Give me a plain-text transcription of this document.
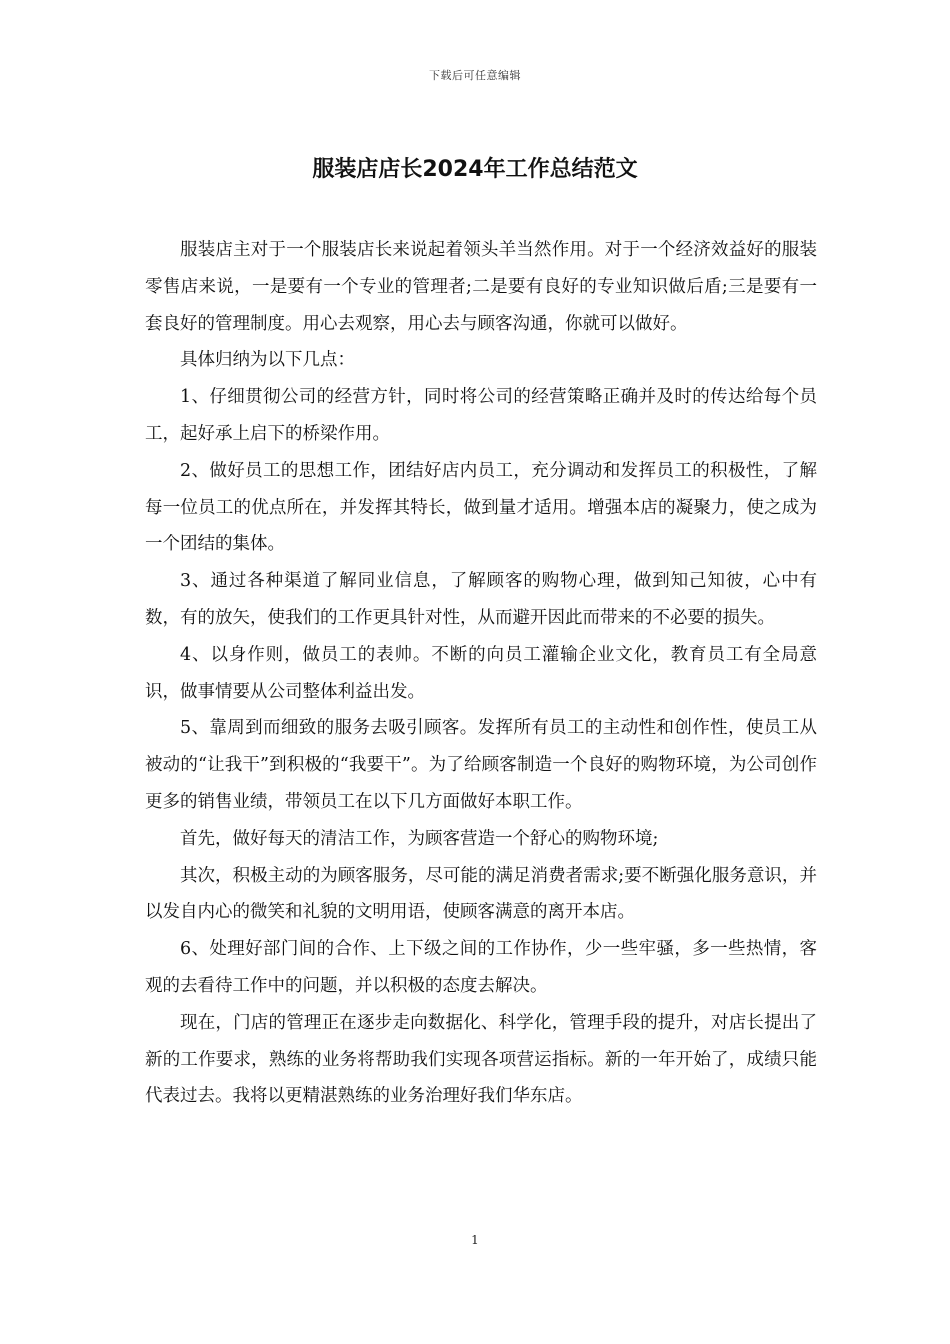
下载后可任意编辑
服装店店长2024年工作总结范文

服装店主对于一个服装店长来说起着领头羊当然作用。对于一个经济效益好的服装零售店来说，一是要有一个专业的管理者;二是要有良好的专业知识做后盾;三是要有一套良好的管理制度。用心去观察，用心去与顾客沟通，你就可以做好。

具体归纳为以下几点：

1、仔细贯彻公司的经营方针，同时将公司的经营策略正确并及时的传达给每个员工，起好承上启下的桥梁作用。

2、做好员工的思想工作，团结好店内员工，充分调动和发挥员工的积极性，了解每一位员工的优点所在，并发挥其特长，做到量才适用。增强本店的凝聚力，使之成为一个团结的集体。

3、通过各种渠道了解同业信息，了解顾客的购物心理，做到知己知彼，心中有数，有的放矢，使我们的工作更具针对性，从而避开因此而带来的不必要的损失。

4、以身作则，做员工的表帅。不断的向员工灌输企业文化，教育员工有全局意识，做事情要从公司整体利益出发。

5、靠周到而细致的服务去吸引顾客。发挥所有员工的主动性和创作性，使员工从被动的“让我干”到积极的“我要干”。为了给顾客制造一个良好的购物环境，为公司创作更多的销售业绩，带领员工在以下几方面做好本职工作。

首先，做好每天的清洁工作，为顾客营造一个舒心的购物环境;

其次，积极主动的为顾客服务，尽可能的满足消费者需求;要不断强化服务意识，并以发自内心的微笑和礼貌的文明用语，使顾客满意的离开本店。

6、处理好部门间的合作、上下级之间的工作协作，少一些牢骚，多一些热情，客观的去看待工作中的问题，并以积极的态度去解决。

现在，门店的管理正在逐步走向数据化、科学化，管理手段的提升，对店长提出了新的工作要求，熟练的业务将帮助我们实现各项营运指标。新的一年开始了，成绩只能代表过去。我将以更精湛熟练的业务治理好我们华东店。

1
